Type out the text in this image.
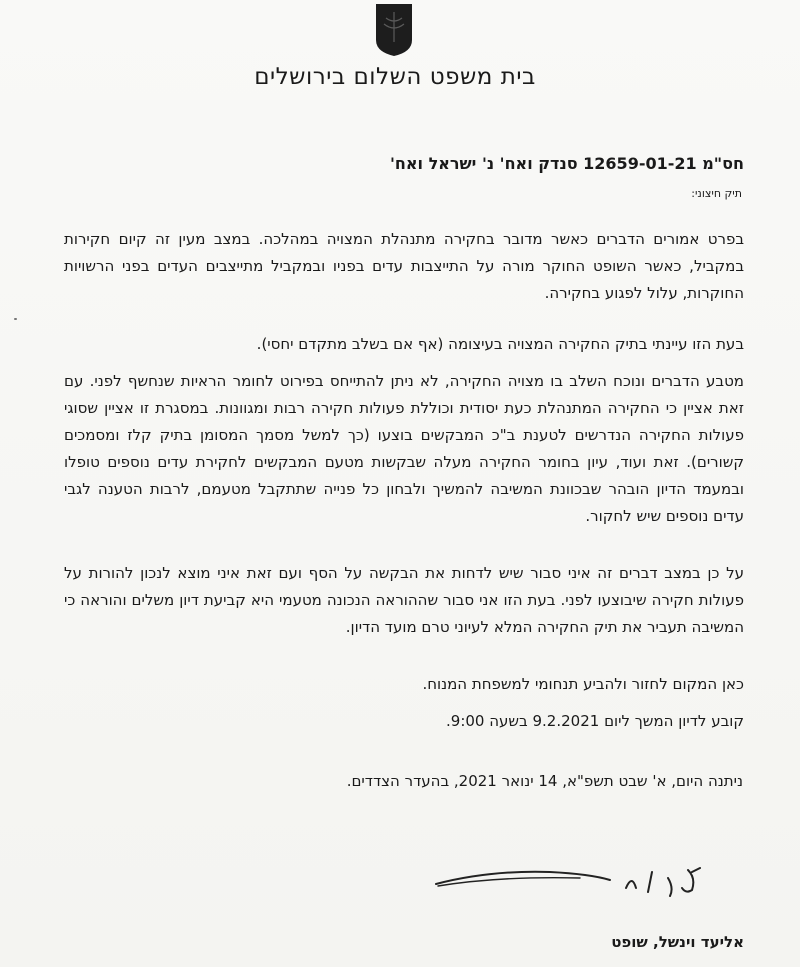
בית משפט השלום בירושלים
חס"מ 12659-01-21 סנדק ואח' נ' ישראל ואח'
תיק חיצוני:
בפרט אמורים הדברים כאשר מדובר בחקירה מתנהלת המצויה במהלכה. במצב מעין זה קיום חקירות במקביל, כאשר השופט החוקר מורה על התייצבות עדים בפניו ובמקביל מתייצבים העדים בפני הרשויות החוקרות, עלול לפגוע בחקירה.
בעת הזו עיינתי בתיק החקירה המצויה בעיצומה (אף אם בשלב מתקדם יחסי).
מטבע הדברים ונוכח השלב בו מצויה החקירה, לא ניתן להתייחס בפירוט לחומר הראיות שנחשף לפני. עם זאת אציין כי החקירה המתנהלת כעת יסודית וכוללת פעולות חקירה רבות ומגוונות. במסגרת זו אציין שסוגי פעולות החקירה הנדרשים לטענת ב"כ המבקשים בוצעו (כך למשל מסמך המסומן בתיק קלז ומסמכים קשורים). זאת ועוד, עיון בחומר החקירה מעלה שבקשות מטעם המבקשים לחקירת עדים נוספים טופלו ובמעמד הדיון הובהר שבכוונת המשיבה להמשיך ולבחון כל פנייה שתתקבל מטעמם, לרבות הטענה לגבי עדים נוספים שיש לחקור.
על כן במצב דברים זה איני סבור שיש לדחות את הבקשה על הסף ועם זאת איני מוצא לנכון להורות על פעולות חקירה שיבוצעו לפני. בעת הזו אני סבור שההוראה הנכונה מטעמי היא קביעת דיון משלים והוראה כי המשיבה תעביר את תיק החקירה המלא לעיוני טרם מועד הדיון.
כאן המקום לחזור ולהביע תנחומי למשפחת המנוח.
קובע לדיון המשך ליום 9.2.2021 בשעה 9:00.
ניתנה היום, א' שבט תשפ"א, 14 ינואר 2021, בהעדר הצדדים.
אליעד וינשל, שופט
